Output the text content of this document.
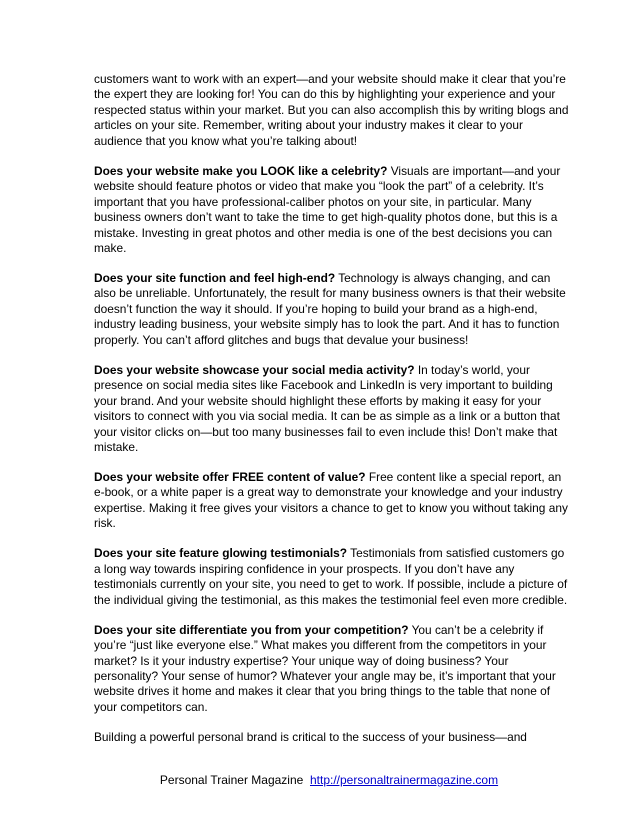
customers want to work with an expert—and your website should make it clear that you’re the expert they are looking for! You can do this by highlighting your experience and your respected status within your market. But you can also accomplish this by writing blogs and articles on your site. Remember, writing about your industry makes it clear to your audience that you know what you’re talking about!

Does your website make you LOOK like a celebrity? Visuals are important—and your website should feature photos or video that make you “look the part” of a celebrity. It’s important that you have professional-caliber photos on your site, in particular. Many business owners don’t want to take the time to get high-quality photos done, but this is a mistake. Investing in great photos and other media is one of the best decisions you can make.

Does your site function and feel high-end? Technology is always changing, and can also be unreliable. Unfortunately, the result for many business owners is that their website doesn’t function the way it should. If you’re hoping to build your brand as a high-end, industry leading business, your website simply has to look the part. And it has to function properly. You can’t afford glitches and bugs that devalue your business!

Does your website showcase your social media activity? In today’s world, your presence on social media sites like Facebook and LinkedIn is very important to building your brand. And your website should highlight these efforts by making it easy for your visitors to connect with you via social media. It can be as simple as a link or a button that your visitor clicks on—but too many businesses fail to even include this! Don’t make that mistake.

Does your website offer FREE content of value? Free content like a special report, an e-book, or a white paper is a great way to demonstrate your knowledge and your industry expertise. Making it free gives your visitors a chance to get to know you without taking any risk.

Does your site feature glowing testimonials? Testimonials from satisfied customers go a long way towards inspiring confidence in your prospects. If you don’t have any testimonials currently on your site, you need to get to work. If possible, include a picture of the individual giving the testimonial, as this makes the testimonial feel even more credible.

Does your site differentiate you from your competition? You can’t be a celebrity if you’re “just like everyone else.” What makes you different from the competitors in your market? Is it your industry expertise? Your unique way of doing business? Your personality? Your sense of humor? Whatever your angle may be, it’s important that your website drives it home and makes it clear that you bring things to the table that none of your competitors can.

Building a powerful personal brand is critical to the success of your business—and

Personal Trainer Magazine http://personaltrainermagazine.com
